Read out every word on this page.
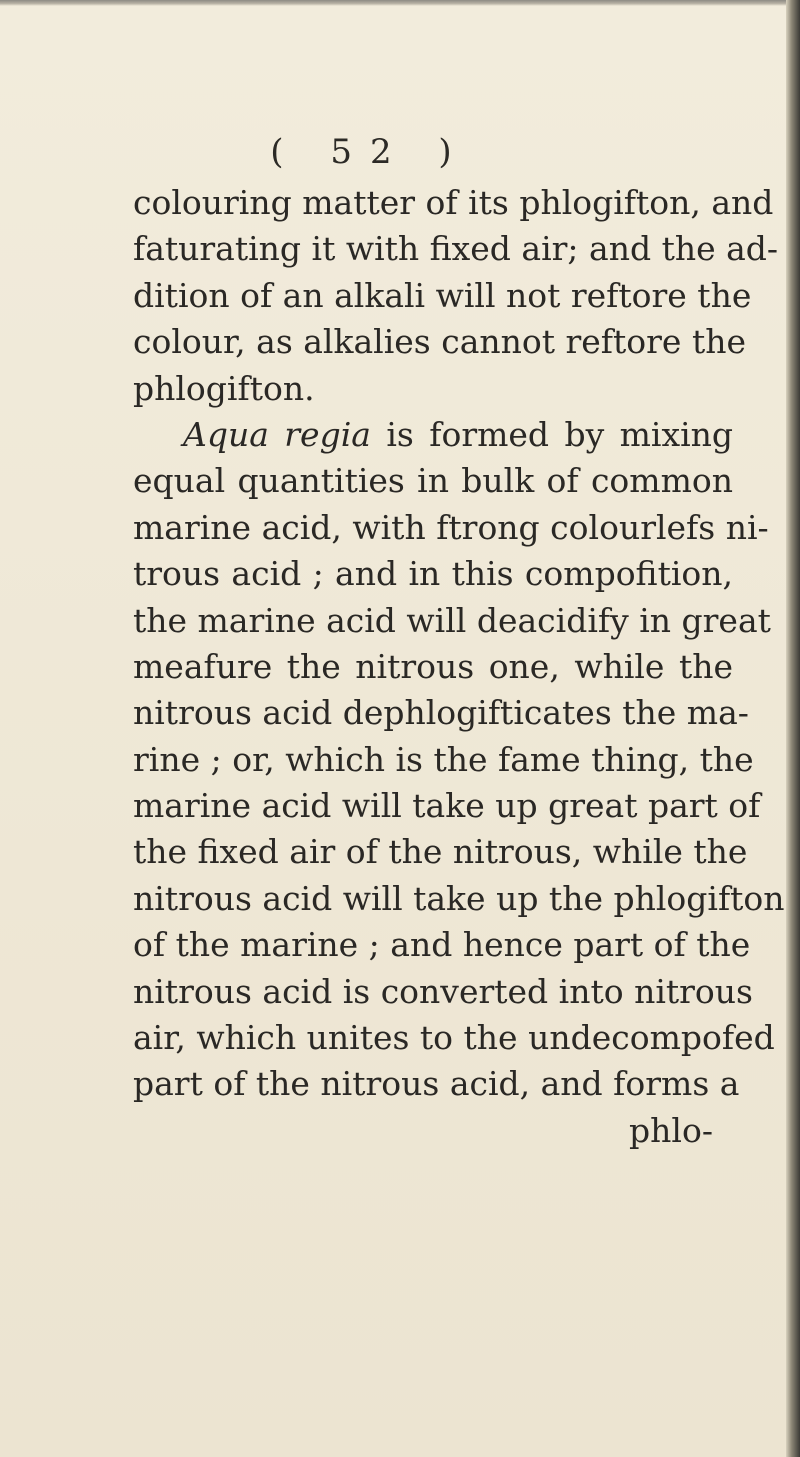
( 52 )
colouring matter of its phlogifton, and
faturating it with fixed air; and the ad-
dition of an alkali will not reftore the
colour, as alkalies cannot reftore the
phlogifton.
Aqua regia is formed by mixing
equal quantities in bulk of common
marine acid, with ftrong colourlefs ni-
trous acid ; and in this compofition,
the marine acid will deacidify in great
meafure the nitrous one, while the
nitrous acid dephlogifticates the ma-
rine ; or, which is the fame thing, the
marine acid will take up great part of
the fixed air of the nitrous, while the
nitrous acid will take up the phlogifton
of the marine ; and hence part of the
nitrous acid is converted into nitrous
air, which unites to the undecompofed
part of the nitrous acid, and forms a
phlo-
